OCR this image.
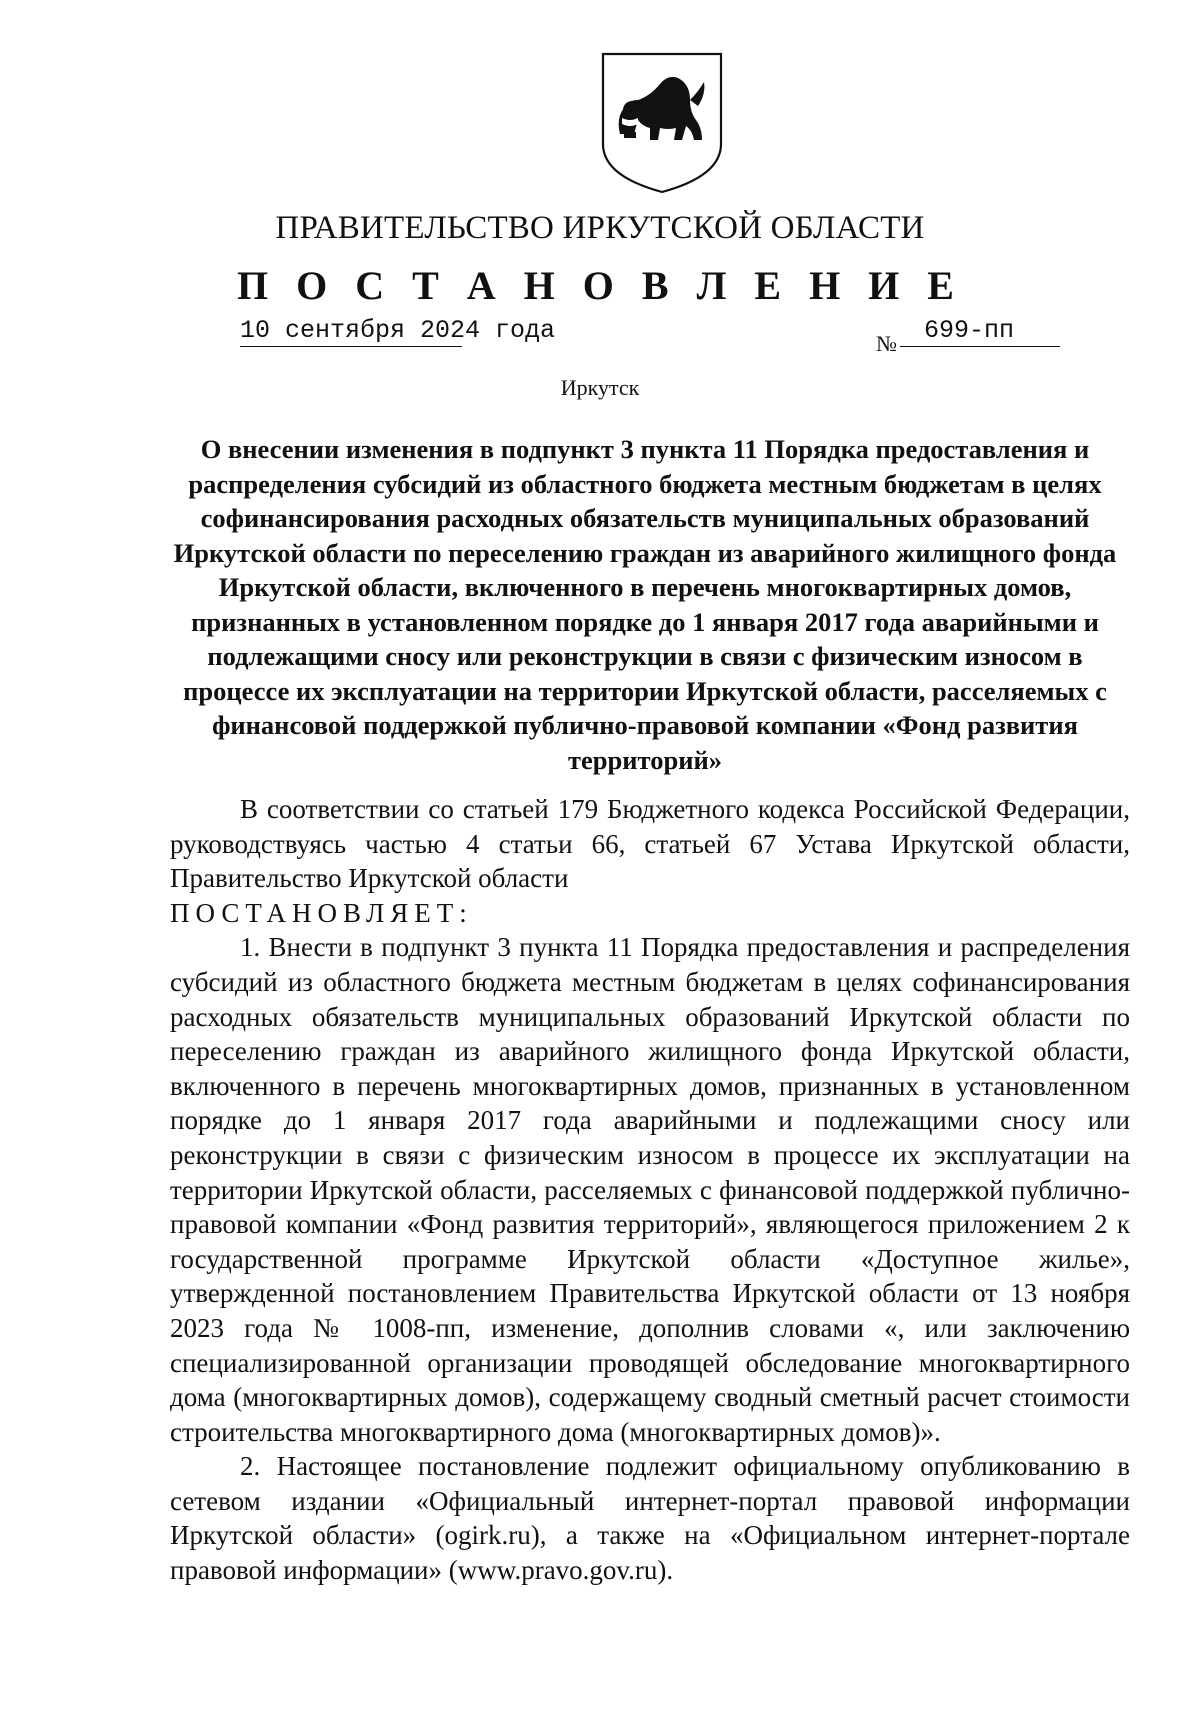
ПРАВИТЕЛЬСТВО ИРКУТСКОЙ ОБЛАСТИ
П О С Т А Н О В Л Е Н И Е
10 сентября 2024 года	№	699-пп
Иркутск
О внесении изменения в подпункт 3 пункта 11 Порядка предоставления и распределения субсидий из областного бюджета местным бюджетам в целях софинансирования расходных обязательств муниципальных образований Иркутской области по переселению граждан из аварийного жилищного фонда Иркутской области, включенного в перечень многоквартирных домов, признанных в установленном порядке до 1 января 2017 года аварийными и подлежащими сносу или реконструкции в связи с физическим износом в процессе их эксплуатации на территории Иркутской области, расселяемых с финансовой поддержкой публично-правовой компании «Фонд развития территорий»

В соответствии со статьей 179 Бюджетного кодекса Российской Федерации, руководствуясь частью 4 статьи 66, статьей 67 Устава Иркутской области, Правительство Иркутской области

ПОСТАНОВЛЯЕТ:

1. Внести в подпункт 3 пункта 11 Порядка предоставления и распределения субсидий из областного бюджета местным бюджетам в целях софинансирования расходных обязательств муниципальных образований Иркутской области по переселению граждан из аварийного жилищного фонда Иркутской области, включенного в перечень многоквартирных домов, признанных в установленном порядке до 1 января 2017 года аварийными и подлежащими сносу или реконструкции в связи с физическим износом в процессе их эксплуатации на территории Иркутской области, расселяемых с финансовой поддержкой публично-правовой компании «Фонд развития территорий», являющегося приложением 2 к государственной программе Иркутской области «Доступное жилье», утвержденной постановлением Правительства Иркутской области от 13 ноября 2023 года № 1008-пп, изменение, дополнив словами «, или заключению специализированной организации проводящей обследование многоквартирного дома (многоквартирных домов), содержащему сводный сметный расчет стоимости строительства многоквартирного дома (многоквартирных домов)».

2. Настоящее постановление подлежит официальному опубликованию в сетевом издании «Официальный интернет-портал правовой информации Иркутской области» (ogirk.ru), а также на «Официальном интернет-портале правовой информации» (www.pravo.gov.ru).
